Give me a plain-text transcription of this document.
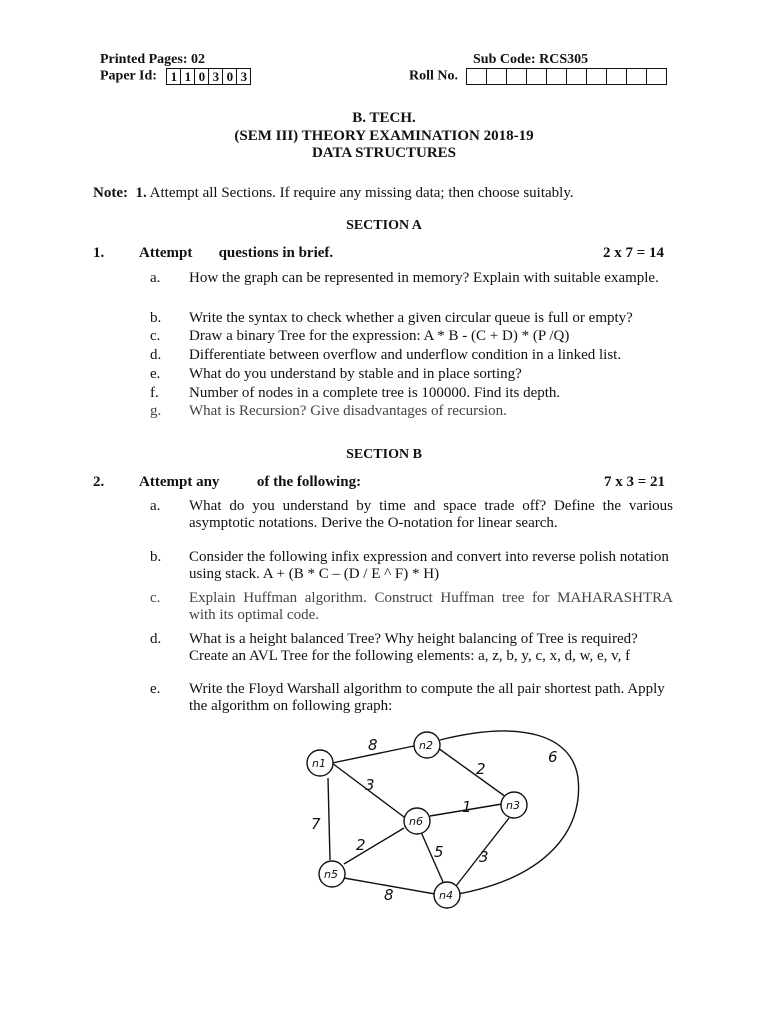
Printed Pages: 02	Sub Code: RCS305
Paper Id: 1 1 0 3 0 3	Roll No.
B. TECH.
(SEM III) THEORY EXAMINATION 2018-19
DATA STRUCTURES
Note: 1. Attempt all Sections. If require any missing data; then choose suitably.
SECTION A
1. Attempt       questions in brief.	2 x 7 = 14
a.	How the graph can be represented in memory? Explain with suitable example.
b.	Write the syntax to check whether a given circular queue is full or empty?
c.	Draw a binary Tree for the expression: A * B - (C + D) * (P /Q)
d.	Differentiate between overflow and underflow condition in a linked list.
e.	What do you understand by stable and in place sorting?
f.	Number of nodes in a complete tree is 100000. Find its depth.
g.	What is Recursion? Give disadvantages of recursion.
SECTION B
2. Attempt any          of the following:	7 x 3 = 21
a.	What do you understand by time and space trade off? Define the various asymptotic notations. Derive the O-notation for linear search.
b.	Consider the following infix expression and convert into reverse polish notation using stack. A + (B * C – (D / E ^ F) * H)
c.	Explain Huffman algorithm. Construct Huffman tree for MAHARASHTRA with its optimal code.
d.	What is a height balanced Tree? Why height balancing of Tree is required? Create an AVL Tree for the following elements: a, z, b, y, c, x, d, w, e, v, f
e.	Write the Floyd Warshall algorithm to compute the all pair shortest path. Apply the algorithm on following graph:
n1
n2
n3
n4
n5
n6
8
3
7
2
6
1
2	5 3
8
